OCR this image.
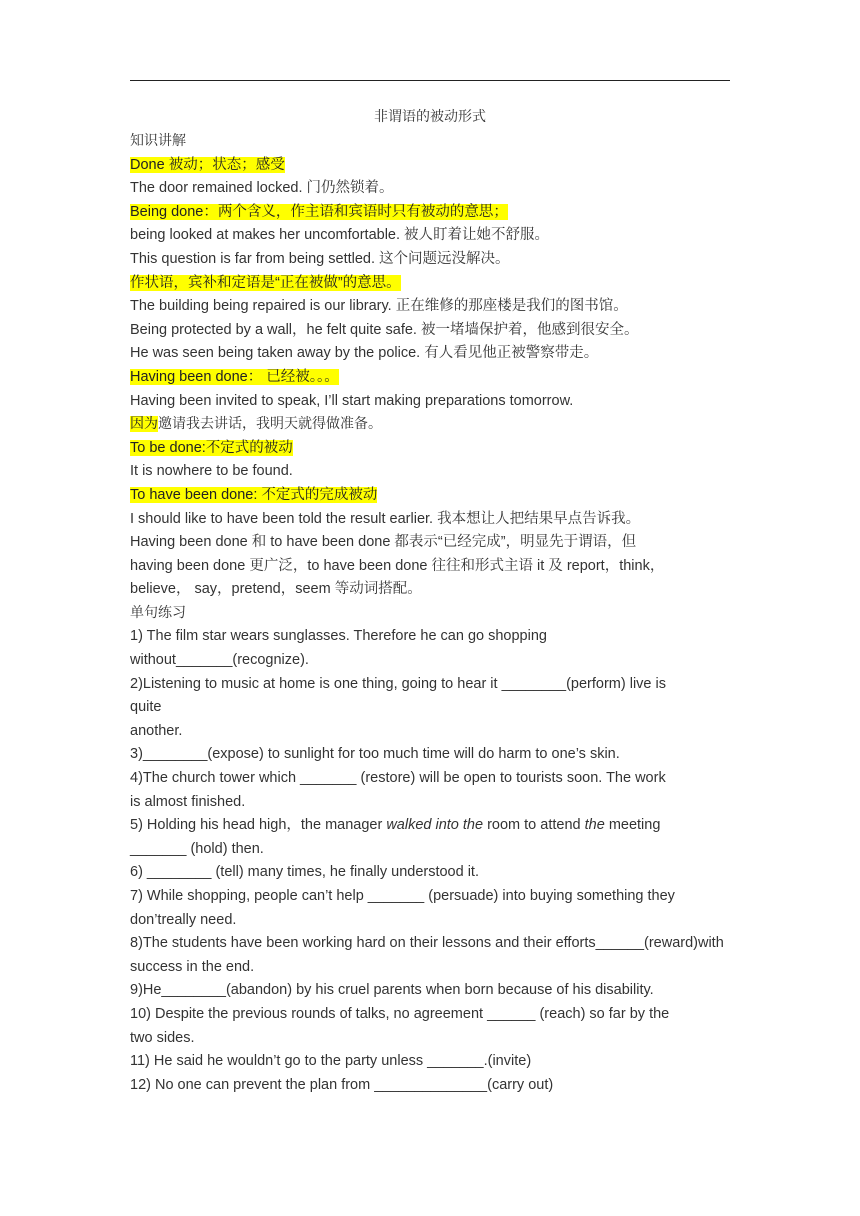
非谓语的被动形式
知识讲解
Done 被动；状态；感受
The door remained locked. 门仍然锁着。
Being done：两个含义，作主语和宾语时只有被动的意思；
being looked at makes her uncomfortable. 被人盯着让她不舒服。
This question is far from being settled. 这个问题远没解决。
作状语，宾补和定语是“正在被做”的意思。
The building being repaired is our library. 正在维修的那座楼是我们的图书馆。
Being protected by a wall，he felt quite safe. 被一堵墙保护着，他感到很安全。
He was seen being taken away by the police. 有人看见他正被警察带走。
Having been done： 已经被。。。
Having been invited to speak, I’ll start making preparations tomorrow.
因为邀请我去讲话，我明天就得做准备。
To be done:不定式的被动
It is nowhere to be found.
To have been done: 不定式的完成被动
I should like to have been told the result earlier. 我本想让人把结果早点告诉我。
Having been done 和 to have been done 都表示“已经完成”，明显先于谓语，但
having been done 更广泛，to have been done 往往和形式主语 it 及 report，think，
believe， say，pretend，seem 等动词搭配。
单句练习
1) The film star wears sunglasses. Therefore he can go shopping
without_______(recognize).
2)Listening to music at home is one thing, going to hear it ________(perform) live is
quite
another.
3)________(expose) to sunlight for too much time will do harm to one’s skin.
4)The church tower which _______ (restore) will be open to tourists soon. The work
is almost finished.
5) Holding his head high，the manager walked into the room to attend the meeting
_______ (hold) then.
6) ________ (tell) many times, he finally understood it.
7) While shopping, people can’t help _______ (persuade) into buying something they
don’treally need.
8)The students have been working hard on their lessons and their efforts______(reward)with
success in the end.
9)He________(abandon) by his cruel parents when born because of his disability.
10) Despite the previous rounds of talks, no agreement ______ (reach) so far by the
two sides.
11) He said he wouldn’t go to the party unless _______.(invite)
12) No one can prevent the plan from ______________(carry out)
